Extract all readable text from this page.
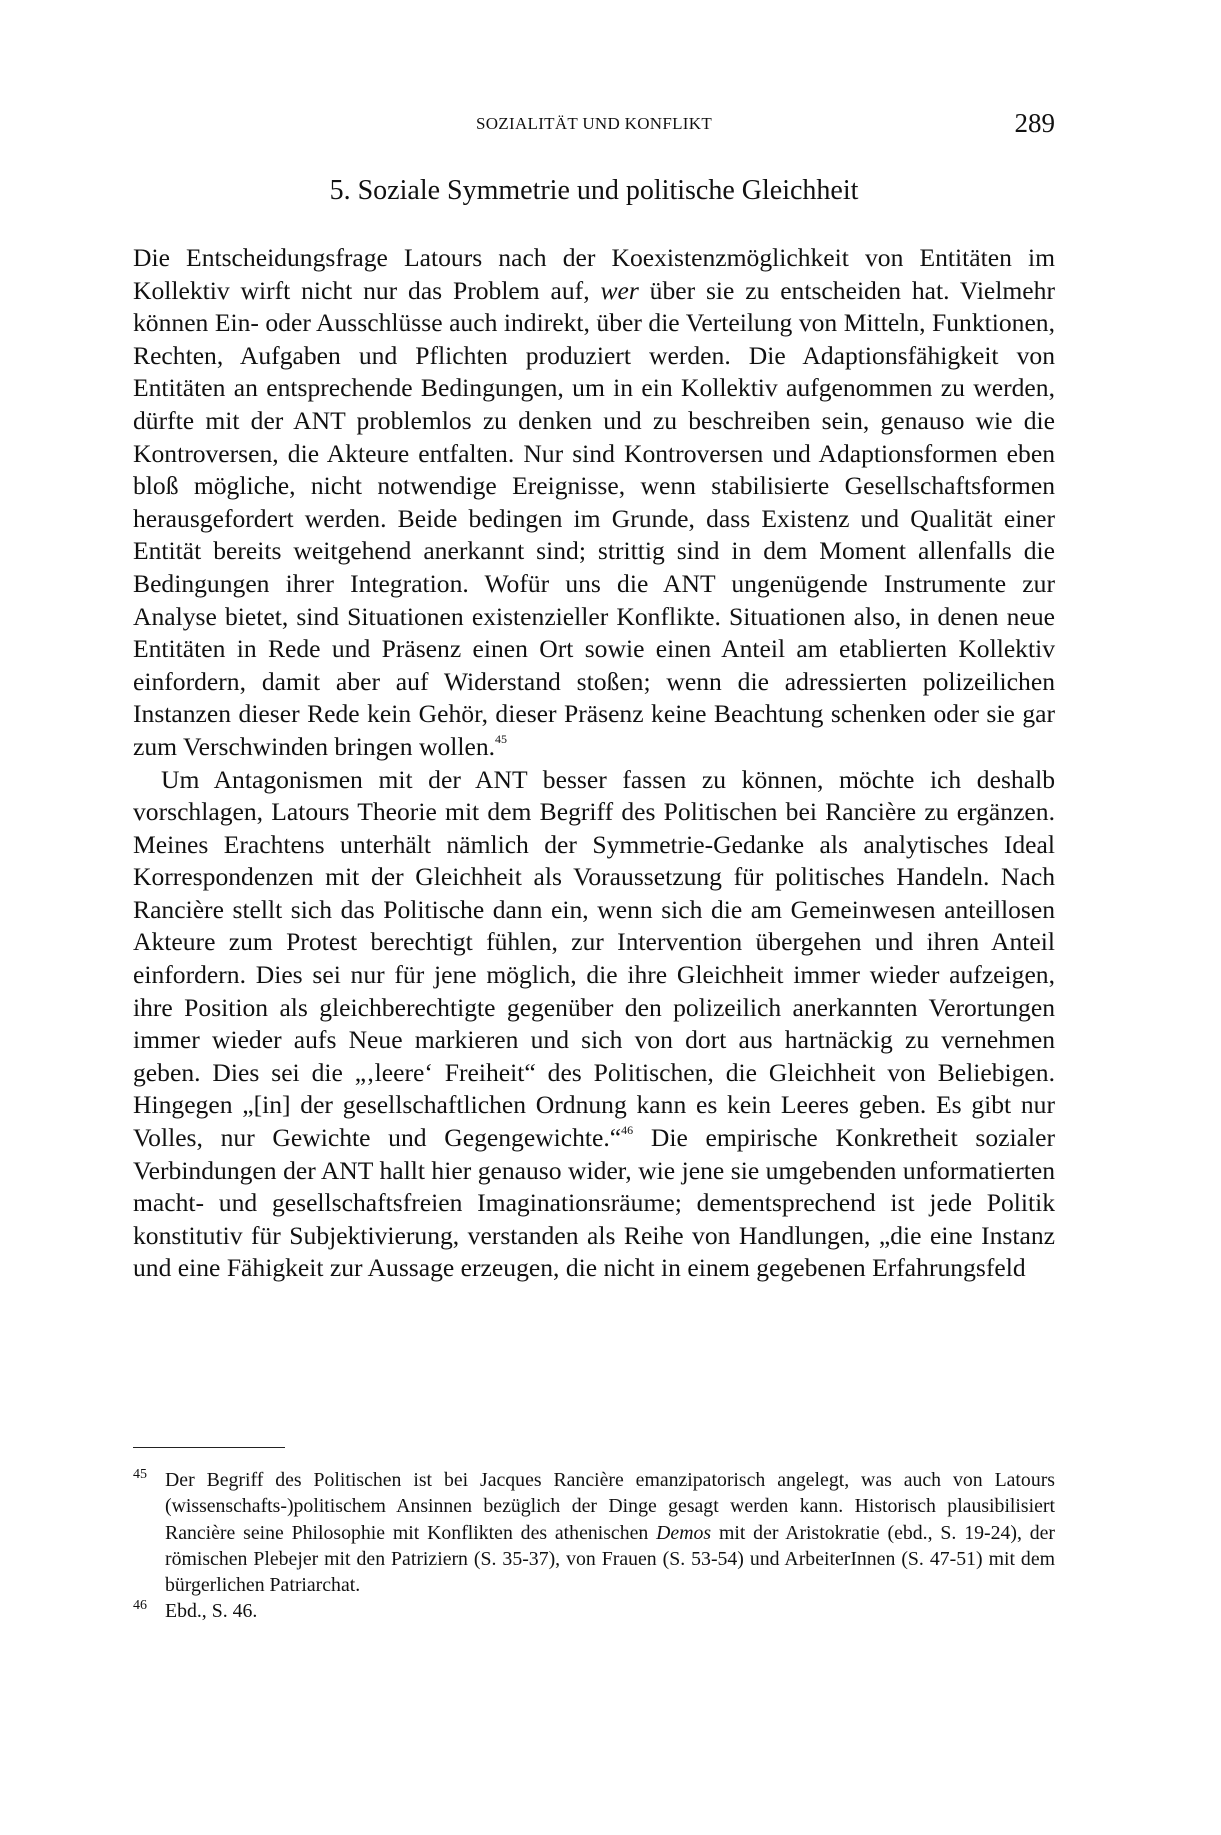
SOZIALITÄT UND KONFLIKT	289
5. Soziale Symmetrie und politische Gleichheit

Die Entscheidungsfrage Latours nach der Koexistenzmöglichkeit von Entitäten im Kollektiv wirft nicht nur das Problem auf, wer über sie zu entscheiden hat. Vielmehr können Ein- oder Ausschlüsse auch indirekt, über die Verteilung von Mitteln, Funktionen, Rechten, Aufgaben und Pflichten produziert werden. Die Adaptionsfähigkeit von Entitäten an entsprechende Bedingungen, um in ein Kollektiv aufgenommen zu werden, dürfte mit der ANT problemlos zu denken und zu beschreiben sein, genauso wie die Kontroversen, die Akteure entfalten. Nur sind Kontroversen und Adaptionsformen eben bloß mögliche, nicht notwendige Ereignisse, wenn stabilisierte Gesellschaftsformen herausgefordert werden. Beide bedingen im Grunde, dass Existenz und Qualität einer Entität bereits weitgehend anerkannt sind; strittig sind in dem Moment allenfalls die Bedingungen ihrer Integration. Wofür uns die ANT ungenügende Instrumente zur Analyse bietet, sind Situationen existenzieller Konflikte. Situationen also, in denen neue Entitäten in Rede und Präsenz einen Ort sowie einen Anteil am etablierten Kollektiv einfordern, damit aber auf Widerstand stoßen; wenn die adressierten polizeilichen Instanzen dieser Rede kein Gehör, dieser Präsenz keine Beachtung schenken oder sie gar zum Verschwinden bringen wollen.$^{45}$

Um Antagonismen mit der ANT besser fassen zu können, möchte ich deshalb vorschlagen, Latours Theorie mit dem Begriff des Politischen bei Rancière zu ergänzen. Meines Erachtens unterhält nämlich der Symmetrie-Gedanke als analytisches Ideal Korrespondenzen mit der Gleichheit als Voraussetzung für politisches Handeln. Nach Rancière stellt sich das Politische dann ein, wenn sich die am Gemeinwesen anteillosen Akteure zum Protest berechtigt fühlen, zur Intervention übergehen und ihren Anteil einfordern. Dies sei nur für jene möglich, die ihre Gleichheit immer wieder aufzeigen, ihre Position als gleichberechtigte gegenüber den polizeilich anerkannten Verortungen immer wieder aufs Neue markieren und sich von dort aus hartnäckig zu vernehmen geben. Dies sei die „‚leere‘ Freiheit“ des Politischen, die Gleichheit von Beliebigen. Hingegen „[in] der gesellschaftlichen Ordnung kann es kein Leeres geben. Es gibt nur Volles, nur Gewichte und Gegengewichte.“$^{46}$ Die empirische Konkretheit sozialer Verbindungen der ANT hallt hier genauso wider, wie jene sie umgebenden unformatierten macht- und gesellschaftsfreien Imaginationsräume; dementsprechend ist jede Politik konstitutiv für Subjektivierung, verstanden als Reihe von Handlungen, „die eine Instanz und eine Fähigkeit zur Aussage erzeugen, die nicht in einem gegebenen Erfahrungsfeld

45 Der Begriff des Politischen ist bei Jacques Rancière emanzipatorisch angelegt, was auch von Latours (wissenschafts-)politischem Ansinnen bezüglich der Dinge gesagt werden kann. Historisch plausibilisiert Rancière seine Philosophie mit Konflikten des athenischen Demos mit der Aristokratie (ebd., S. 19-24), der römischen Plebejer mit den Patriziern (S. 35-37), von Frauen (S. 53-54) und ArbeiterInnen (S. 47-51) mit dem bürgerlichen Patriarchat.
46 Ebd., S. 46.
